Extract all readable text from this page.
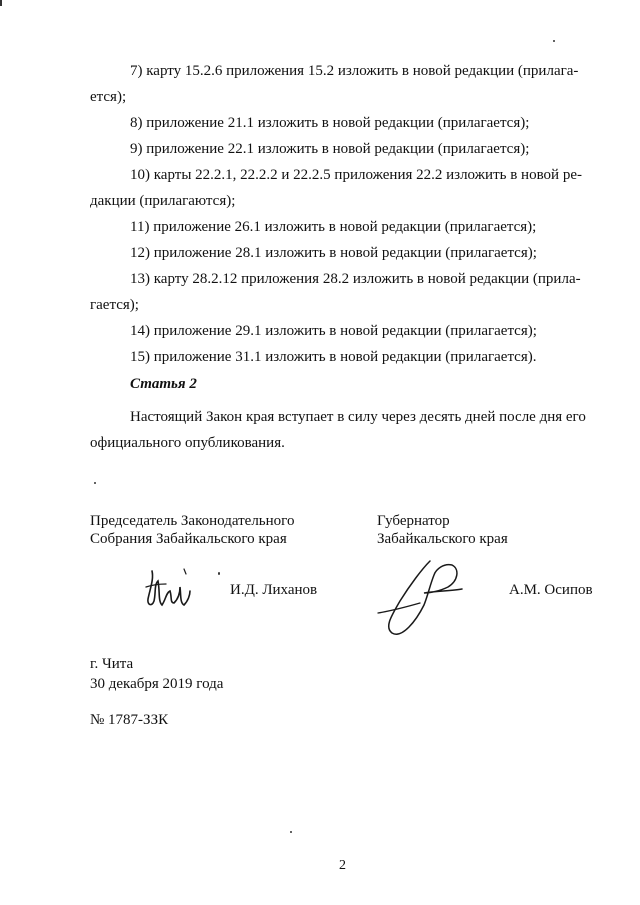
7) карту 15.2.6 приложения 15.2 изложить в новой редакции (прилага-

ется);

8) приложение 21.1 изложить в новой редакции (прилагается);

9) приложение 22.1 изложить в новой редакции (прилагается);

10) карты 22.2.1, 22.2.2 и 22.2.5 приложения 22.2 изложить в новой ре-

дакции (прилагаются);

11) приложение 26.1 изложить в новой редакции (прилагается);

12) приложение 28.1 изложить в новой редакции (прилагается);

13) карту 28.2.12 приложения 28.2 изложить в новой редакции (прила-

гается);

14) приложение 29.1 изложить в новой редакции (прилагается);

15) приложение 31.1 изложить в новой редакции (прилагается).

Статья 2
Настоящий Закон края вступает в силу через десять дней после дня его
официального опубликования.
Председатель Законодательного
Собрания Забайкальского края
Губернатор
Забайкальского края
И.Д. Лиханов	А.М. Осипов
г. Чита
30 декабря 2019 года
№ 1787-ЗЗК
2
